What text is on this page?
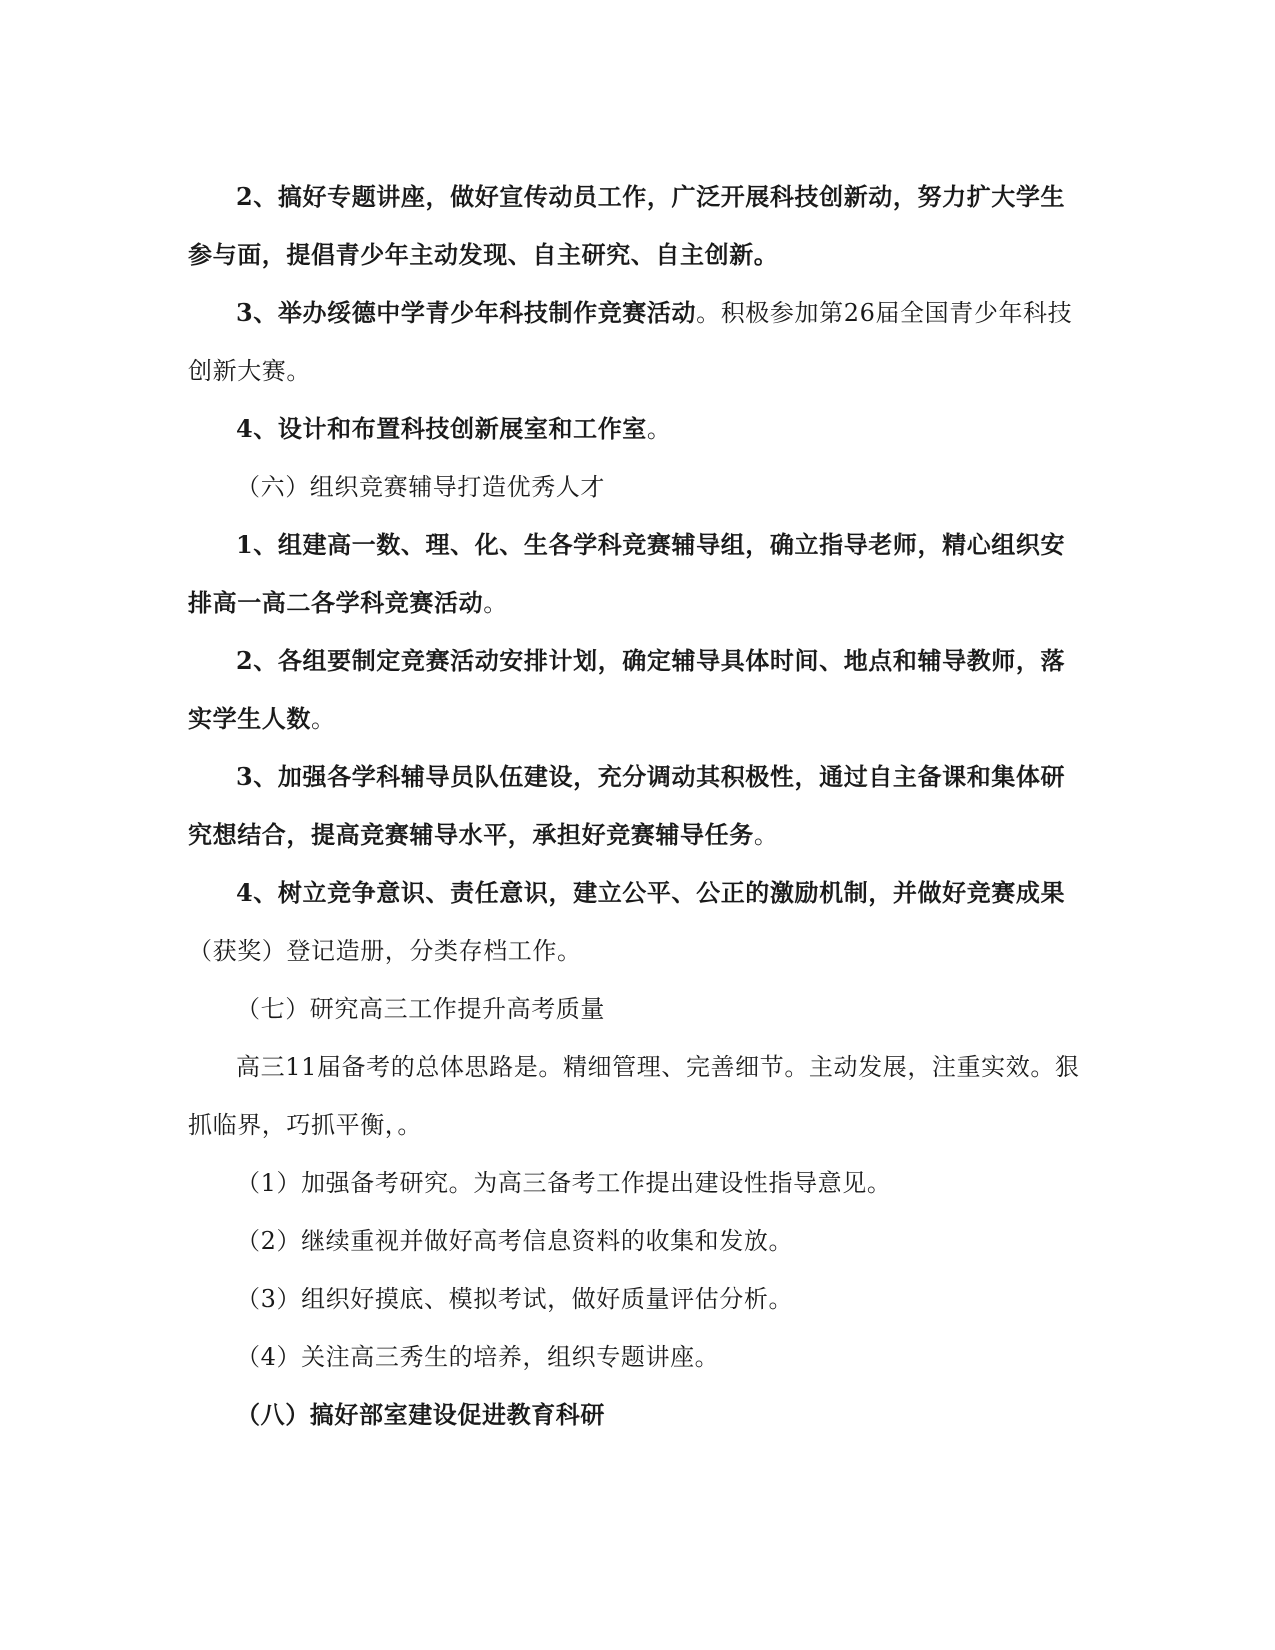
2、搞好专题讲座，做好宣传动员工作，广泛开展科技创新动，努力扩大学生

参与面，提倡青少年主动发现、自主研究、自主创新。

3、举办绥德中学青少年科技制作竞赛活动。积极参加第26届全国青少年科技

创新大赛。

4、设计和布置科技创新展室和工作室。

（六）组织竞赛辅导打造优秀人才

1、组建高一数、理、化、生各学科竞赛辅导组，确立指导老师，精心组织安

排高一高二各学科竞赛活动。

2、各组要制定竞赛活动安排计划，确定辅导具体时间、地点和辅导教师，落

实学生人数。

3、加强各学科辅导员队伍建设，充分调动其积极性，通过自主备课和集体研

究想结合，提高竞赛辅导水平，承担好竞赛辅导任务。

4、树立竞争意识、责任意识，建立公平、公正的激励机制，并做好竞赛成果

（获奖）登记造册，分类存档工作。

（七）研究高三工作提升高考质量

高三11届备考的总体思路是。精细管理、完善细节。主动发展，注重实效。狠

抓临界，巧抓平衡，。

（1）加强备考研究。为高三备考工作提出建设性指导意见。

（2）继续重视并做好高考信息资料的收集和发放。

（3）组织好摸底、模拟考试，做好质量评估分析。

（4）关注高三秀生的培养，组织专题讲座。

（八）搞好部室建设促进教育科研
